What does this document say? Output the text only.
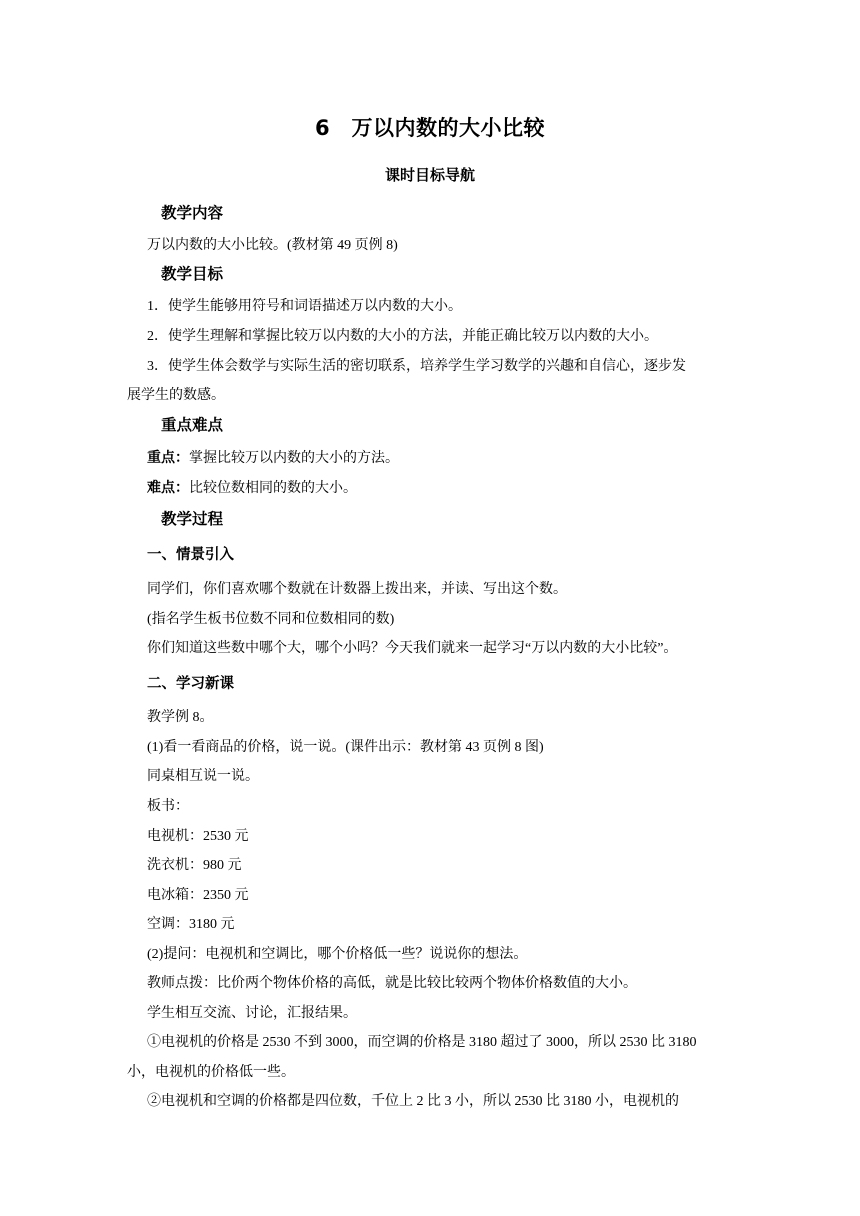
6　万以内数的大小比较
课时目标导航
教学内容
万以内数的大小比较。(教材第 49 页例 8)
教学目标
1．使学生能够用符号和词语描述万以内数的大小。
2．使学生理解和掌握比较万以内数的大小的方法，并能正确比较万以内数的大小。
3．使学生体会数学与实际生活的密切联系，培养学生学习数学的兴趣和自信心，逐步发
展学生的数感。
重点难点
重点：掌握比较万以内数的大小的方法。
难点：比较位数相同的数的大小。
教学过程
一、情景引入
同学们，你们喜欢哪个数就在计数器上拨出来，并读、写出这个数。
(指名学生板书位数不同和位数相同的数)
你们知道这些数中哪个大，哪个小吗？今天我们就来一起学习“万以内数的大小比较”。
二、学习新课
教学例 8。
(1)看一看商品的价格，说一说。(课件出示：教材第 43 页例 8 图)
同桌相互说一说。
板书：
电视机：2530 元
洗衣机：980 元
电冰箱：2350 元
空调：3180 元
(2)提问：电视机和空调比，哪个价格低一些？说说你的想法。
教师点拨：比价两个物体价格的高低，就是比较比较两个物体价格数值的大小。
学生相互交流、讨论，汇报结果。
①电视机的价格是 2530 不到 3000，而空调的价格是 3180 超过了 3000，所以 2530 比 3180
小，电视机的价格低一些。
②电视机和空调的价格都是四位数，千位上 2 比 3 小，所以 2530 比 3180 小，电视机的
